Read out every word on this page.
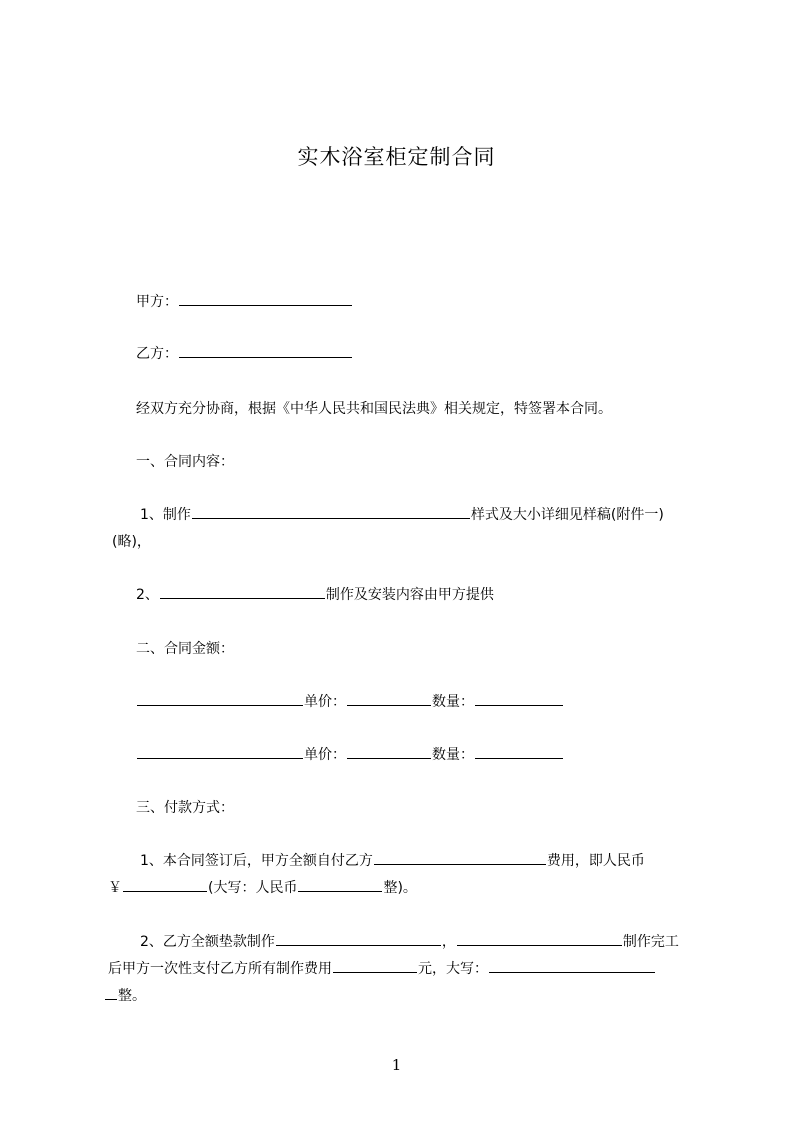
实木浴室柜定制合同
甲方：
乙方：
经双方充分协商，根据《中华人民共和国民法典》相关规定，特签署本合同。
一、合同内容：
1、制作	样式及大小详细见样稿(附件一)
(略)，
2、	制作及安装内容由甲方提供
二、合同金额：
单价：	数量：
单价：	数量：
三、付款方式：
1、本合同签订后，甲方全额自付乙方	费用，即人民币
￥	(大写：人民币	整)。
2、乙方全额垫款制作	，	制作完工
后甲方一次性支付乙方所有制作费用	元，大写：
整。
1
